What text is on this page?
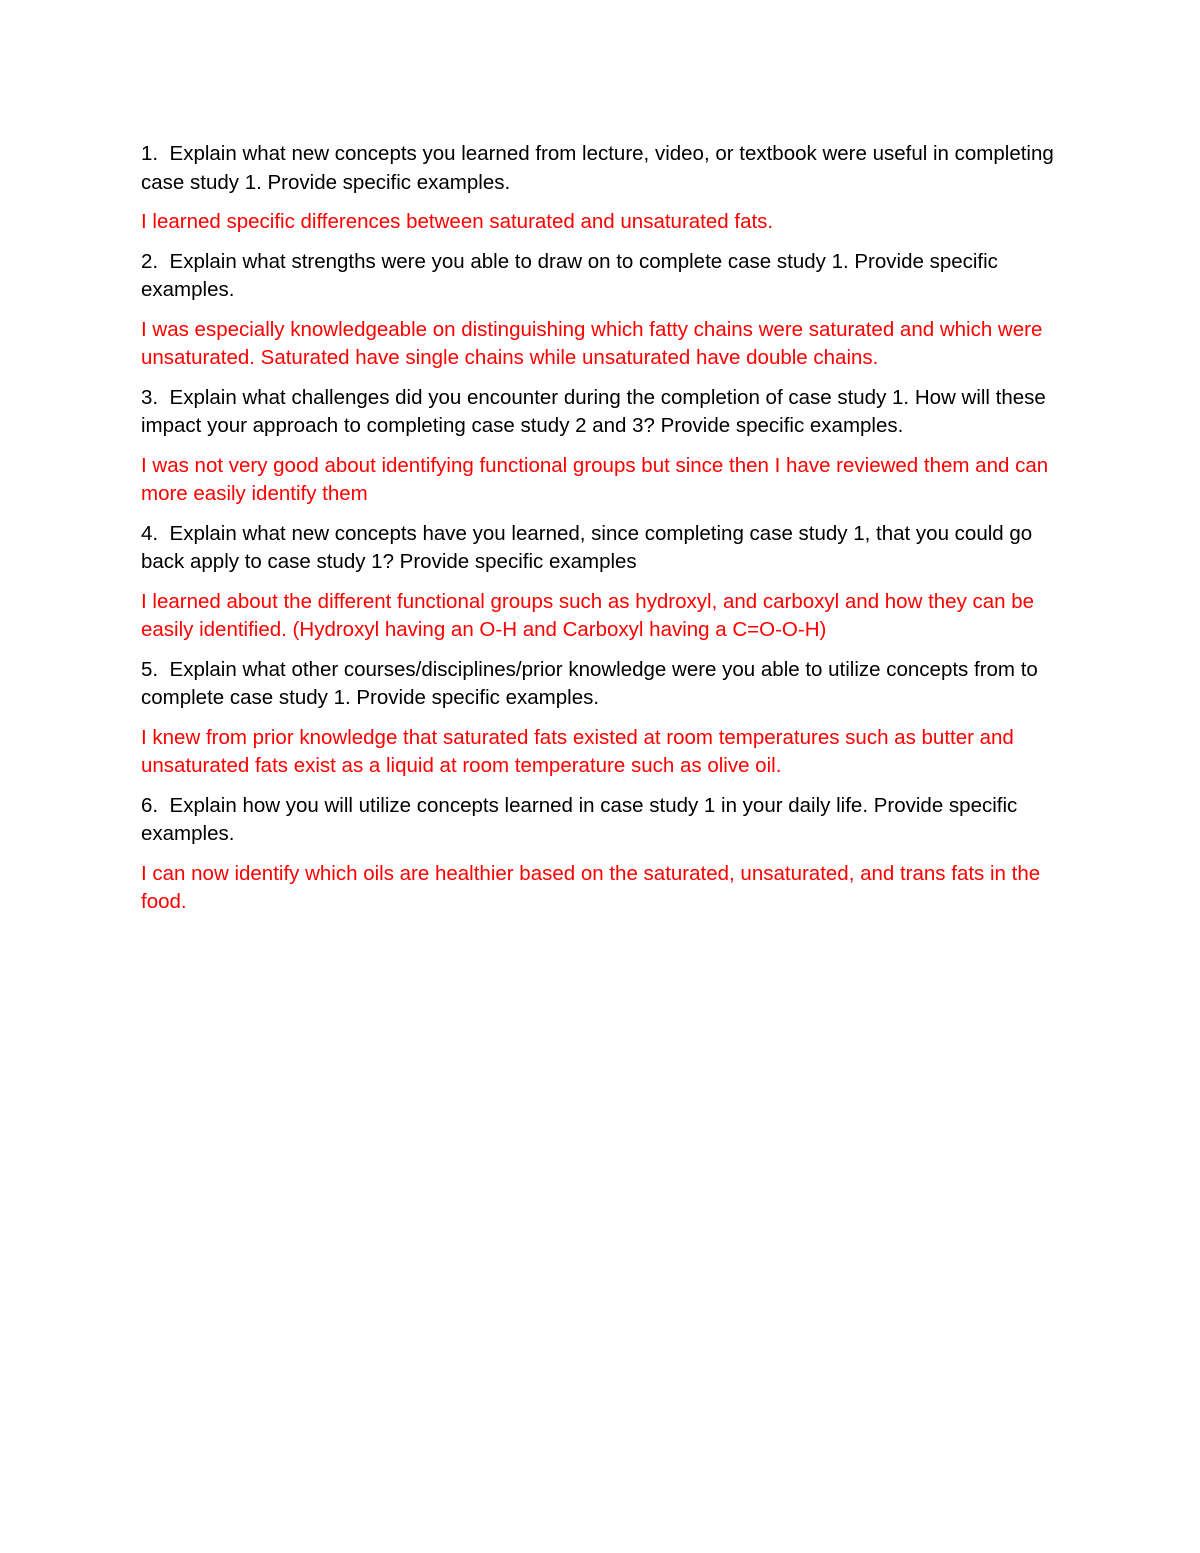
1. Explain what new concepts you learned from lecture, video, or textbook were useful in completing case study 1. Provide specific examples.

I learned specific differences between saturated and unsaturated fats.

2. Explain what strengths were you able to draw on to complete case study 1. Provide specific examples.

I was especially knowledgeable on distinguishing which fatty chains were saturated and which were unsaturated. Saturated have single chains while unsaturated have double chains.

3. Explain what challenges did you encounter during the completion of case study 1. How will these impact your approach to completing case study 2 and 3? Provide specific examples.

I was not very good about identifying functional groups but since then I have reviewed them and can more easily identify them

4. Explain what new concepts have you learned, since completing case study 1, that you could go back apply to case study 1? Provide specific examples

I learned about the different functional groups such as hydroxyl, and carboxyl and how they can be easily identified. (Hydroxyl having an O-H and Carboxyl having a C=O-O-H)

5. Explain what other courses/disciplines/prior knowledge were you able to utilize concepts from to complete case study 1. Provide specific examples.

I knew from prior knowledge that saturated fats existed at room temperatures such as butter and unsaturated fats exist as a liquid at room temperature such as olive oil.

6. Explain how you will utilize concepts learned in case study 1 in your daily life. Provide specific examples.

I can now identify which oils are healthier based on the saturated, unsaturated, and trans fats in the food.
